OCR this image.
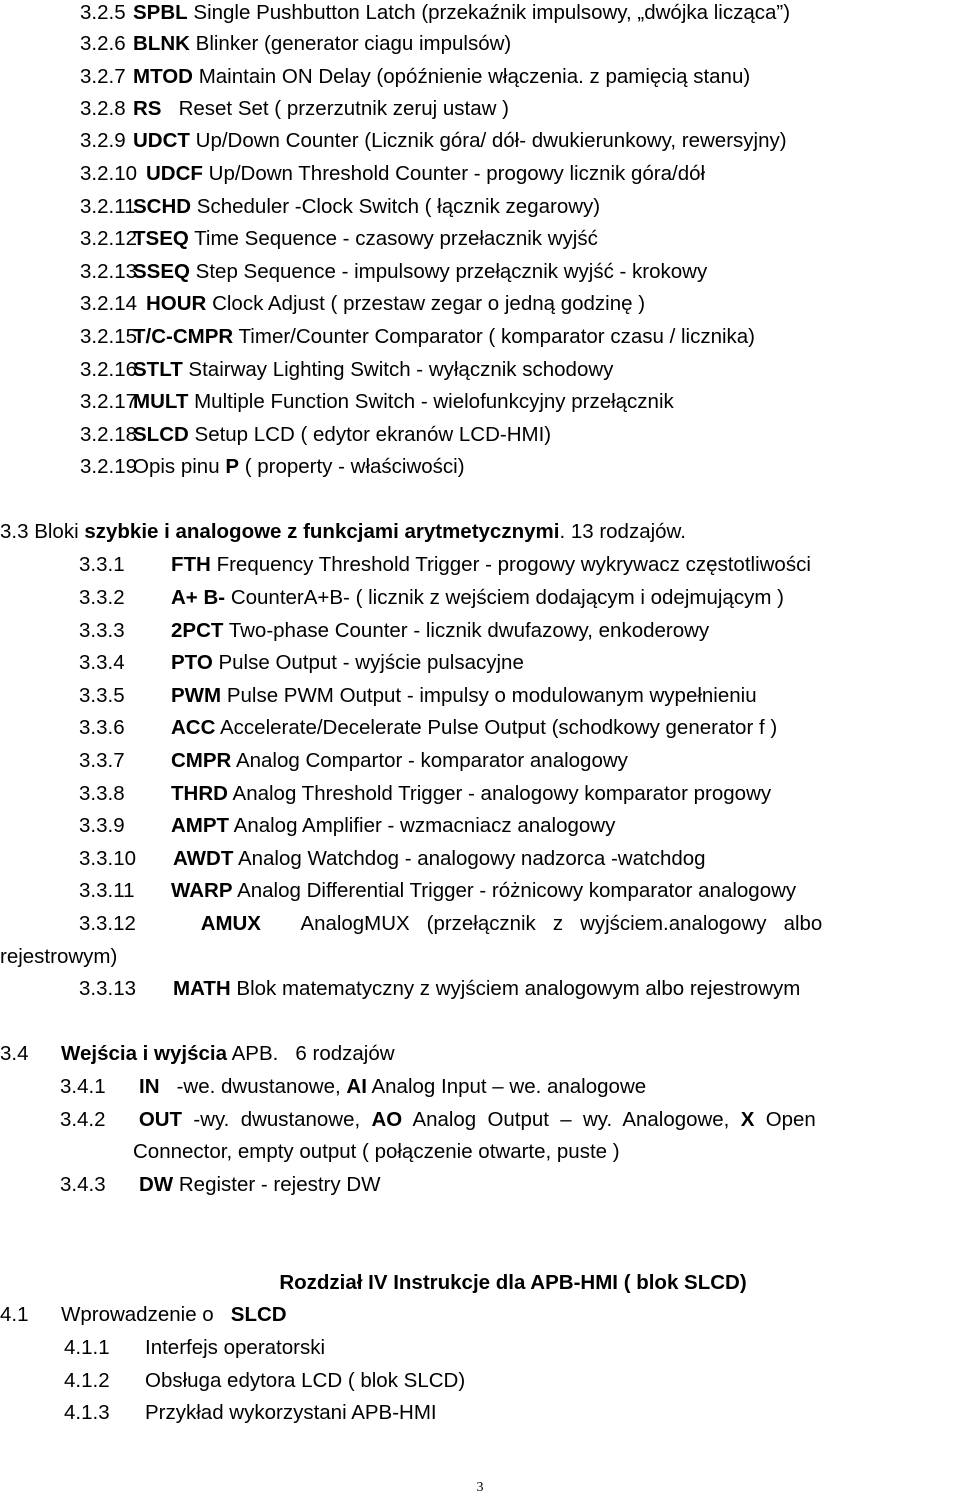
3.2.5 SPBL Single Pushbutton Latch (przekaźnik impulsowy, „dwójka licząca”)
3.2.6 BLNK Blinker (generator ciagu impulsów)
3.2.7 MTOD Maintain ON Delay (opóźnienie włączenia. z pamięcią stanu)
3.2.8 RS Reset Set ( przerzutnik zeruj ustaw )
3.2.9 UDCT Up/Down Counter (Licznik góra/ dół- dwukierunkowy, rewersyjny)
3.2.10 UDCF Up/Down Threshold Counter - progowy licznik góra/dół
3.2.11
SCHD Scheduler -Clock Switch ( łącznik zegarowy)
3.2.12
TSEQ Time Sequence - czasowy przełacznik wyjść
3.2.13
SSEQ Step Sequence - impulsowy przełącznik wyjść - krokowy
3.2.14 HOUR Clock Adjust ( przestaw zegar o jedną godzinę )
3.2.15
T/C-CMPR Timer/Counter Comparator ( komparator czasu / licznika)
3.2.16
STLT Stairway Lighting Switch - wyłącznik schodowy
3.2.17
MULT Multiple Function Switch - wielofunkcyjny przełącznik
3.2.18
SLCD Setup LCD ( edytor ekranów LCD-HMI)
3.2.19
Opis pinu P ( property - właściwości)
3.3 Bloki szybkie i analogowe z funkcjami arytmetycznymi. 13 rodzajów.
3.3.1 FTH Frequency Threshold Trigger - progowy wykrywacz częstotliwości
3.3.2 A+ B- CounterA+B- ( licznik z wejściem dodającym i odejmującym )
3.3.3 2PCT Two-phase Counter - licznik dwufazowy, enkoderowy
3.3.4 PTO Pulse Output - wyjście pulsacyjne
3.3.5 PWM Pulse PWM Output - impulsy o modulowanym wypełnieniu
3.3.6 ACC Accelerate/Decelerate Pulse Output (schodkowy generator f )
3.3.7 CMPR Analog Compartor - komparator analogowy
3.3.8 THRD Analog Threshold Trigger - analogowy komparator progowy
3.3.9 AMPT Analog Amplifier - wzmacniacz analogowy
3.3.10 AWDT Analog Watchdog - analogowy nadzorca -watchdog
3.3.11 WARP Analog Differential Trigger - różnicowy komparator analogowy
3.3.12	AMUX AnalogMUX   (przełącznik   z   wyjściem.analogowy   albo
rejestrowym)
3.3.13 MATH Blok matematyczny z wyjściem analogowym albo rejestrowym
3.4 Wejścia i wyjścia APB.   6 rodzajów
3.4.1 IN -we. dwustanowe, AI Analog Input – we. analogowe
3.4.2 OUT -wy.  dwustanowe, AO Analog  Output  –  wy.  Analogowe, X Open
Connector, empty output ( połączenie otwarte, puste )
3.4.3 DW Register - rejestry DW
Rozdział IV Instrukcje dla APB-HMI ( blok SLCD)
4.1 Wprowadzenie o SLCD
4.1.1 Interfejs operatorski
4.1.2 Obsługa edytora LCD ( blok SLCD)
4.1.3 Przykład wykorzystani APB-HMI
3
